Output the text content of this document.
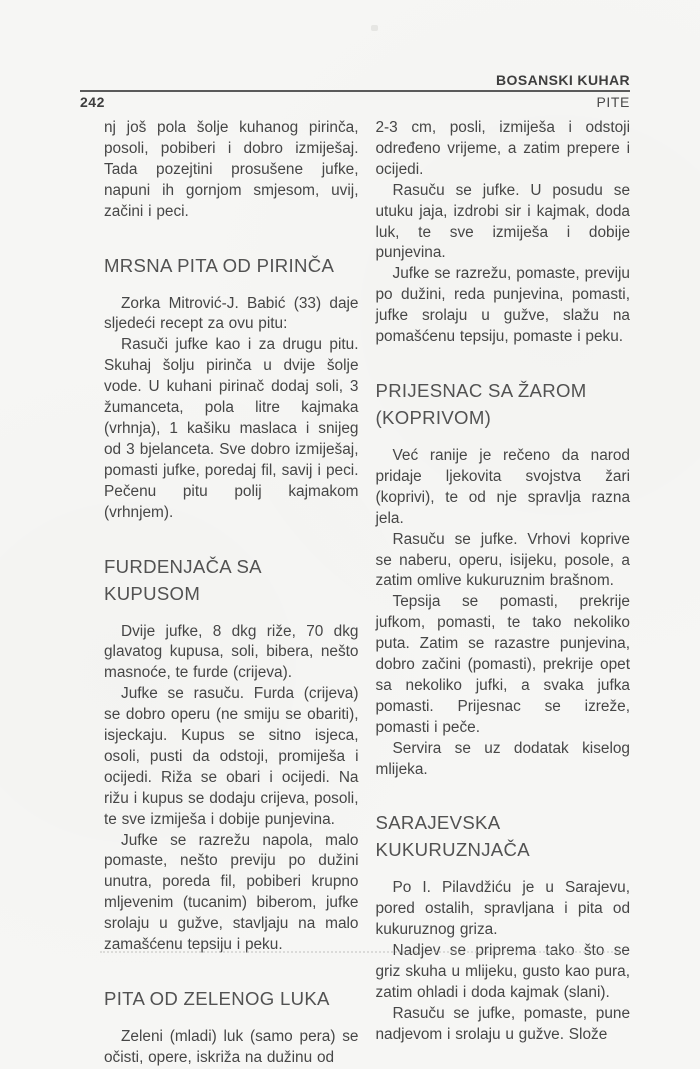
BOSANSKI KUHAR
242	PITE

nj još pola šolje kuhanog pirinča, posoli, pobiberi i dobro izmiješaj. Tada pozejtini prosušene jufke, napuni ih gornjom smjesom, uvij, začini i peci.

MRSNA PITA OD PIRINČA

Zorka Mitrović-J. Babić (33) daje sljedeći recept za ovu pitu:

Rasuči jufke kao i za drugu pitu. Skuhaj šolju pirinča u dvije šolje vode. U kuhani pirinač dodaj soli, 3 žumanceta, pola litre kajmaka (vrhnja), 1 kašiku maslaca i snijeg od 3 bjelanceta. Sve dobro izmiješaj, pomasti jufke, poredaj fil, savij i peci. Pečenu pitu polij kajmakom (vrhnjem).

FURDENJAČA SA KUPUSOM

Dvije jufke, 8 dkg riže, 70 dkg glavatog kupusa, soli, bibera, nešto masnoće, te furde (crijeva).

Jufke se rasuču. Furda (crijeva) se dobro operu (ne smiju se obariti), isjeckaju. Kupus se sitno isjeca, osoli, pusti da odstoji, promiješa i ocijedi. Riža se obari i ocijedi. Na rižu i kupus se dodaju crijeva, posoli, te sve izmiješa i dobije punjevina.

Jufke se razrežu napola, malo pomaste, nešto previju po dužini unutra, poreda fil, pobiberi krupno mljevenim (tucanim) biberom, jufke srolaju u gužve, stavljaju na malo zamašćenu tepsiju i peku.

PITA OD ZELENOG LUKA

Zeleni (mladi) luk (samo pera) se očisti, opere, iskriža na dužinu od

2-3 cm, posli, izmiješa i odstoji određeno vrijeme, a zatim prepere i ocijedi.

Rasuču se jufke. U posudu se utuku jaja, izdrobi sir i kajmak, doda luk, te sve izmiješa i dobije punjevina.

Jufke se razrežu, pomaste, previju po dužini, reda punjevina, pomasti, jufke srolaju u gužve, slažu na pomašćenu tepsiju, pomaste i peku.

PRIJESNAC SA ŽAROM (KOPRIVOM)

Već ranije je rečeno da narod pridaje ljekovita svojstva žari (koprivi), te od nje spravlja razna jela.

Rasuču se jufke. Vrhovi koprive se naberu, operu, isijeku, posole, a zatim omlive kukuruznim brašnom.

Tepsija se pomasti, prekrije jufkom, pomasti, te tako nekoliko puta. Zatim se razastre punjevina, dobro začini (pomasti), prekrije opet sa nekoliko jufki, a svaka jufka pomasti. Prijesnac se izreže, pomasti i peče.

Servira se uz dodatak kiselog mlijeka.

SARAJEVSKA KUKURUZNJAČA

Po I. Pilavdžiću je u Sarajevu, pored ostalih, spravljana i pita od kukuruznog griza.

Nadjev se priprema tako što se griz skuha u mlijeku, gusto kao pura, zatim ohladi i doda kajmak (slani).

Rasuču se jufke, pomaste, pune nadjevom i srolaju u gužve. Slože
